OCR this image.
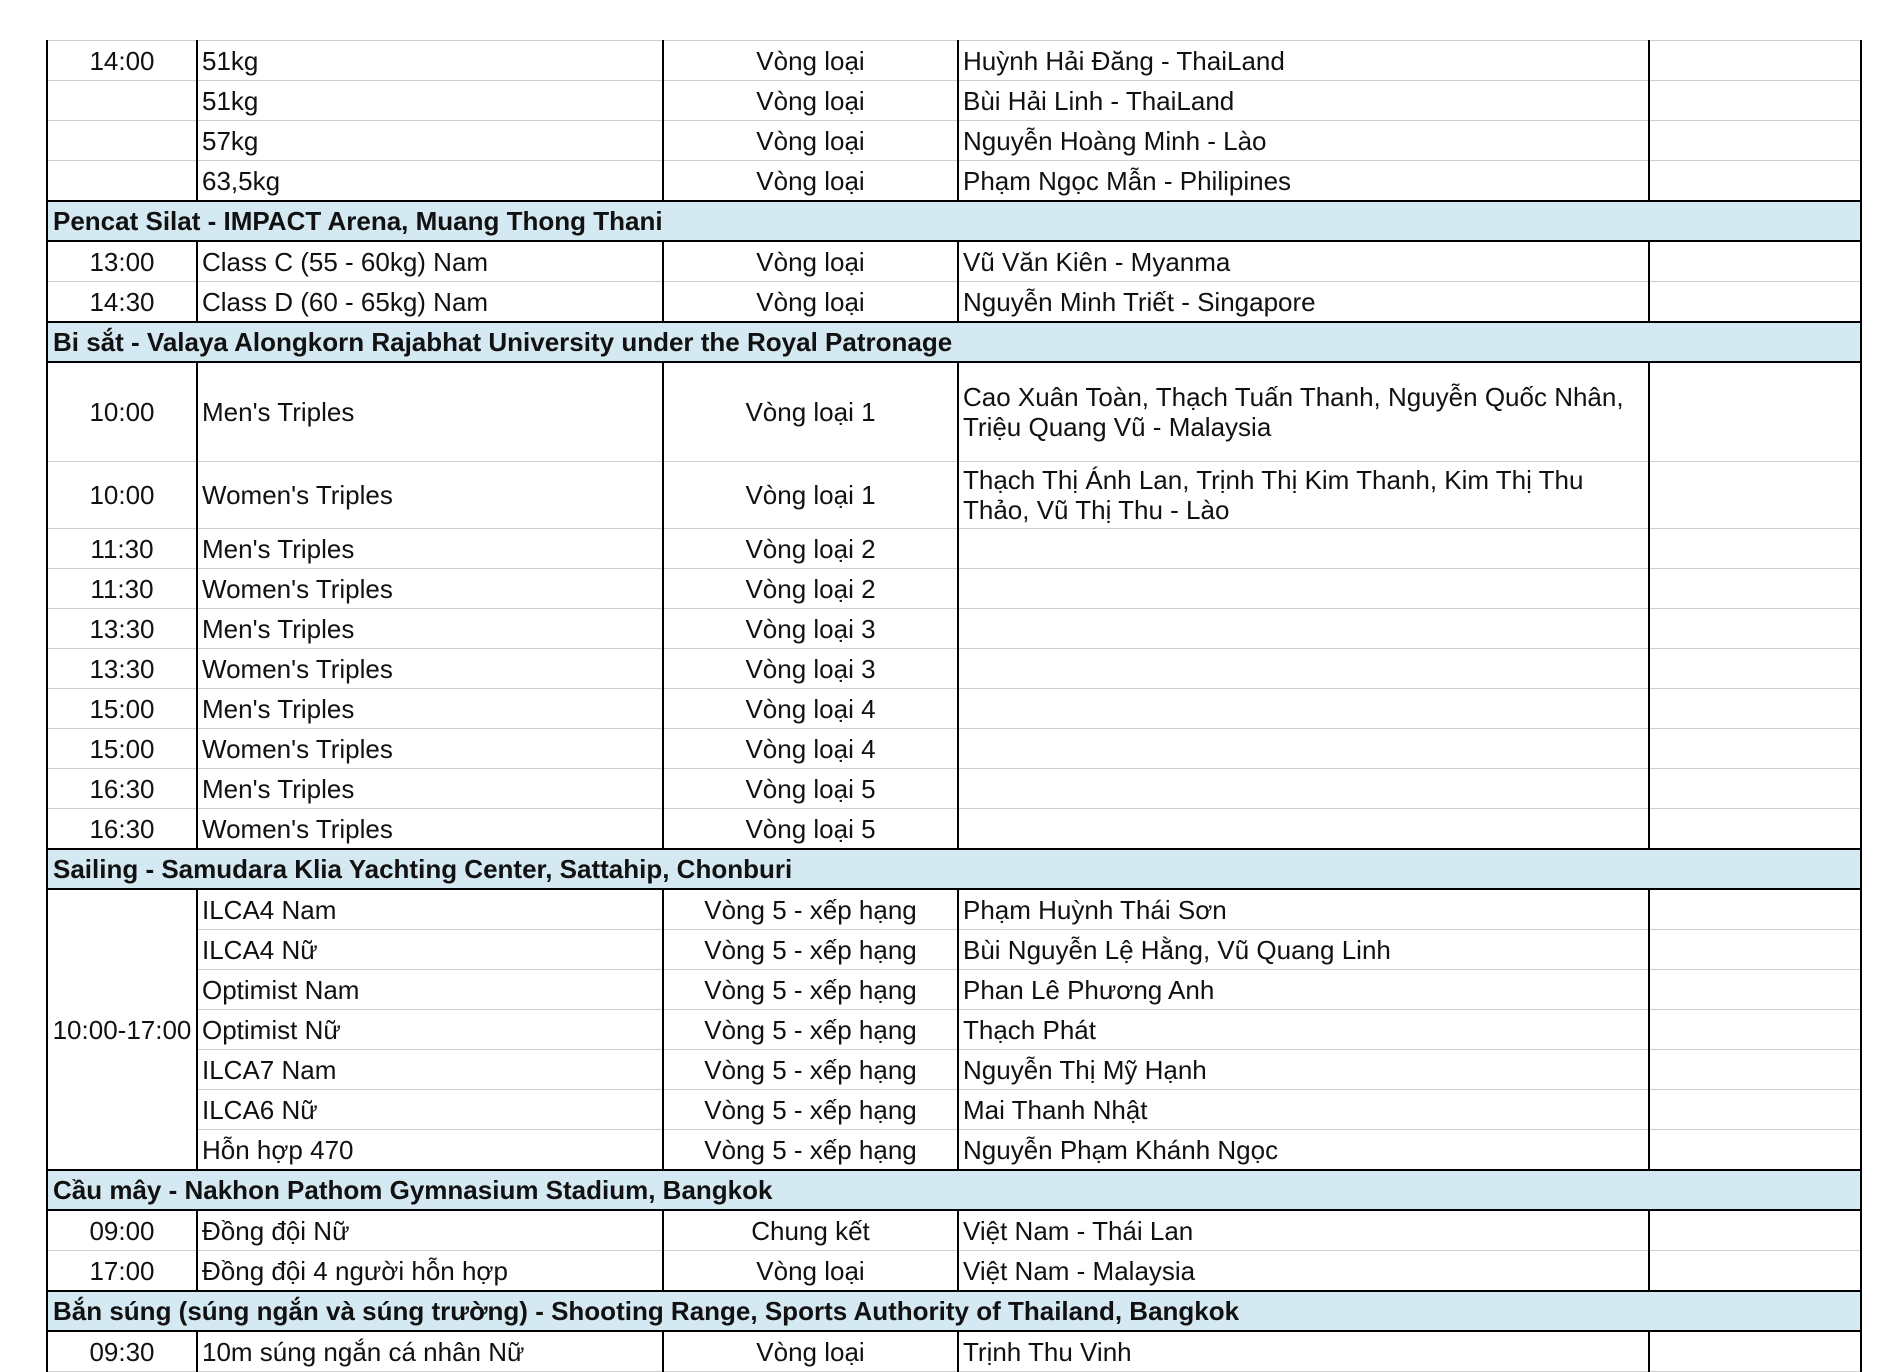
14:00	51kg	Vòng loại	Huỳnh Hải Đăng - ThaiLand	
	51kg	Vòng loại	Bùi Hải Linh - ThaiLand	
	57kg	Vòng loại	Nguyễn Hoàng Minh - Lào	
	63,5kg	Vòng loại	Phạm Ngọc Mẫn - Philipines	
Pencat Silat - IMPACT Arena, Muang Thong Thani				
13:00	Class C (55 - 60kg) Nam	Vòng loại	Vũ Văn Kiên - Myanma	
14:30	Class D (60 - 65kg) Nam	Vòng loại	Nguyễn Minh Triết - Singapore	
Bi sắt - Valaya Alongkorn Rajabhat University under the Royal Patronage				
10:00	Men's Triples	Vòng loại 1	Cao Xuân Toàn, Thạch Tuấn Thanh, Nguyễn Quốc Nhân, Triệu Quang Vũ - Malaysia	
10:00	Women's Triples	Vòng loại 1	Thạch Thị Ánh Lan, Trịnh Thị Kim Thanh, Kim Thị Thu Thảo, Vũ Thị Thu - Lào	
11:30	Men's Triples	Vòng loại 2		
11:30	Women's Triples	Vòng loại 2		
13:30	Men's Triples	Vòng loại 3		
13:30	Women's Triples	Vòng loại 3		
15:00	Men's Triples	Vòng loại 4		
15:00	Women's Triples	Vòng loại 4		
16:30	Men's Triples	Vòng loại 5		
16:30	Women's Triples	Vòng loại 5		
Sailing - Samudara Klia Yachting Center, Sattahip, Chonburi				
10:00-17:00	ILCA4 Nam	Vòng 5 - xếp hạng	Phạm Huỳnh Thái Sơn	
	ILCA4 Nữ	Vòng 5 - xếp hạng	Bùi Nguyễn Lệ Hằng, Vũ Quang Linh	
	Optimist Nam	Vòng 5 - xếp hạng	Phan Lê Phương Anh	
	Optimist Nữ	Vòng 5 - xếp hạng	Thạch Phát	
	ILCA7 Nam	Vòng 5 - xếp hạng	Nguyễn Thị Mỹ Hạnh	
	ILCA6 Nữ	Vòng 5 - xếp hạng	Mai Thanh Nhật	
	Hỗn hợp 470	Vòng 5 - xếp hạng	Nguyễn Phạm Khánh Ngọc	
Cầu mây - Nakhon Pathom Gymnasium Stadium, Bangkok				
09:00	Đồng đội Nữ	Chung kết	Việt Nam - Thái Lan	
17:00	Đồng đội 4 người hỗn hợp	Vòng loại	Việt Nam - Malaysia	
Bắn súng (súng ngắn và súng trường) - Shooting Range, Sports Authority of Thailand, Bangkok				
09:30	10m súng ngắn cá nhân Nữ	Vòng loại	Trịnh Thu Vinh	
